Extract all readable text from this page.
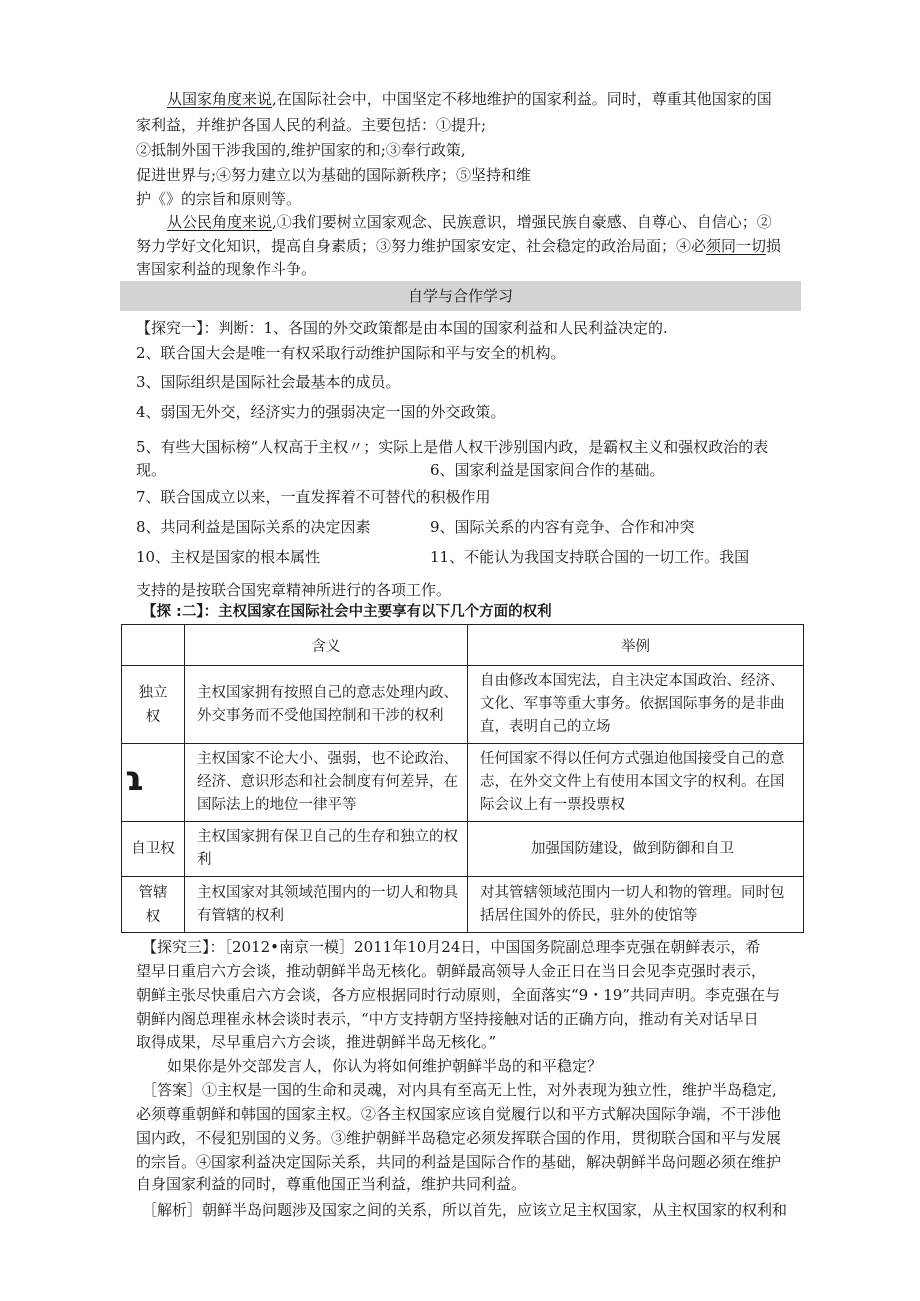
从国家角度来说,在国际社会中，中国坚定不移地维护的国家利益。同时，尊重其他国家的国
家利益，并维护各国人民的利益。主要包括：①提升;
②抵制外国干涉我国的,维护国家的和;③奉行政策,
促进世界与;④努力建立以为基础的国际新秩序；⑤坚持和维
护《》的宗旨和原则等。
从公民角度来说,①我们要树立国家观念、民族意识，增强民族自豪感、自尊心、自信心；②
努力学好文化知识，提高自身素质；③努力维护国家安定、社会稳定的政治局面；④必须同一切损
害国家利益的现象作斗争。
自学与合作学习
【探究一】：判断：1、各国的外交政策都是由本国的国家利益和人民利益决定的.
2、联合国大会是唯一有权采取行动维护国际和平与安全的机构。
3、国际组织是国际社会最基本的成员。
4、弱国无外交，经济实力的强弱决定一国的外交政策。
5、有些大国标榜“人权高于主权〃；实际上是借人权干涉别国内政，是霸权主义和强权政治的表
现。	6、国家利益是国家间合作的基础。
7、联合国成立以来，一直发挥着不可替代的积极作用
8、共同利益是国际关系的决定因素	9、国际关系的内容有竞争、合作和冲突
10、主权是国家的根本属性	11、不能认为我国支持联合国的一切工作。我国
支持的是按联合国宪章精神所进行的各项工作。
【探 :二】：主权国家在国际社会中主要享有以下几个方面的权利
	含义	举例

独立权	主权国家拥有按照自己的意志处理内政、外交事务而不受他国控制和干涉的权利	自由修改本国宪法，自主决定本国政治、经济、文化、军事等重大事务。依据国际事务的是非曲直，表明自己的立场

ɿ	主权国家不论大小、强弱，也不论政治、经济、意识形态和社会制度有何差异，在国际法上的地位一律平等	任何国家不得以任何方式强迫他国接受自己的意志，在外交文件上有使用本国文字的权利。在国际会议上有一票投票权

自卫权	主权国家拥有保卫自己的生存和独立的权利	加强国防建设，做到防御和自卫

管辖权	主权国家对其领域范围内的一切人和物具有管辖的权利	对其管辖领域范围内一切人和物的管理。同时包括居住国外的侨民，驻外的使馆等
【探究三】：［2012•南京一模］2011年10月24日，中国国务院副总理李克强在朝鲜表示，希
望早日重启六方会谈，推动朝鲜半岛无核化。朝鲜最高领导人金正日在当日会见李克强时表示，
朝鲜主张尽快重启六方会谈，各方应根据同时行动原则，全面落实“9・19”共同声明。李克强在与
朝鲜内阁总理崔永林会谈时表示，“中方支持朝方坚持接触对话的正确方向，推动有关对话早日
取得成果，尽早重启六方会谈，推进朝鲜半岛无核化。”
如果你是外交部发言人，你认为将如何维护朝鲜半岛的和平稳定？
［答案］①主权是一国的生命和灵魂，对内具有至高无上性，对外表现为独立性，维护半岛稳定,
必须尊重朝鲜和韩国的国家主权。②各主权国家应该自觉履行以和平方式解决国际争端，不干涉他
国内政，不侵犯别国的义务。③维护朝鲜半岛稳定必须发挥联合国的作用，贯彻联合国和平与发展
的宗旨。④国家利益决定国际关系，共同的利益是国际合作的基础，解决朝鲜半岛问题必须在维护
自身国家利益的同时，尊重他国正当利益，维护共同利益。
［解析］朝鲜半岛问题涉及国家之间的关系，所以首先，应该立足主权国家，从主权国家的权利和
